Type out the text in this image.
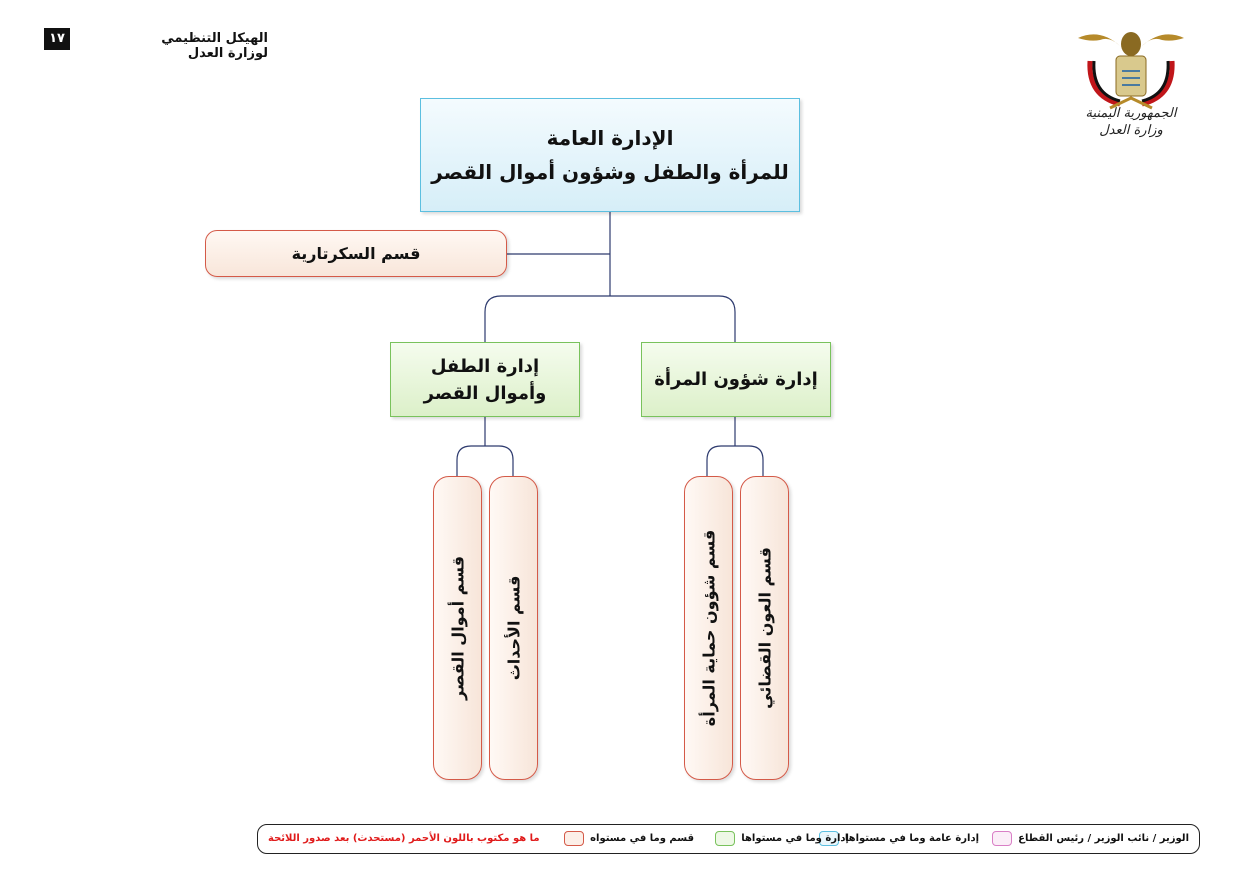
الهيكل التنظيمي لوزارة العدل
١٧
الجمهورية اليمنية
وزارة العدل
الإدارة العامة
للمرأة والطفل وشؤون أموال القصر
قسم السكرتارية
إدارة الطفل وأموال القصر
إدارة شؤون المرأة
قسم أموال القصر قسم الأحداث	قسم شؤون حماية المرأة قسم العون القضائي
الوزير / نائب الوزير / رئيس القطاع
إدارة عامة وما في مستواها
إدارة وما في مستواها
قسم وما في مستواه
ما هو مكتوب باللون الأحمر (مستحدث) بعد صدور اللائحة
